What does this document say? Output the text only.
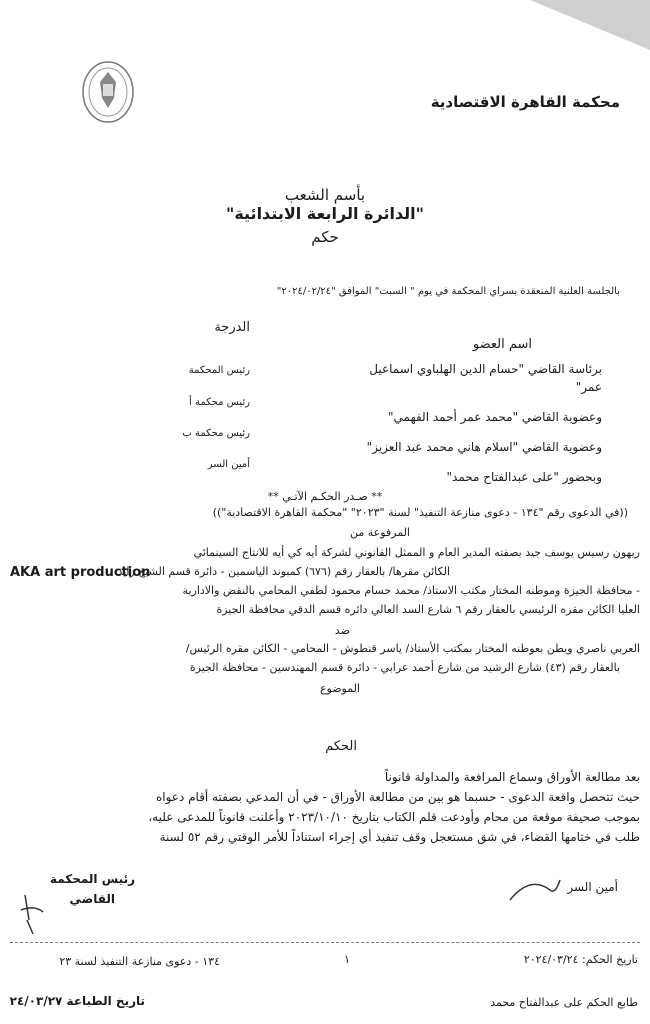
محكمة القاهرة الاقتصادية
بأسم الشعب
"الدائرة الرابعة الابتدائية"
حكم
بالجلسة العلنية المنعقدة بسراي المحكمة في يوم " السبت" الموافق "٢٠٢٤/٠٢/٢٤"
الدرجة
اسم العضو
برئاسة القاضي "حسام الدين الهلباوي اسماعيل
عمر"
رئيس المحكمة
وعضوية القاضي "محمد عمر أحمد الفهمي"
رئيس محكمة أ
وعضوية القاضي "اسلام هاني محمد عبد العزيز"
رئيس محكمة ب
وبحضور "على عبدالفتاح محمد"
أمين السر
** صـدر الحكـم الآتـي **
((في الدعوى رقم "١٣٤ - دعوى منازعة التنفيذ" لسنة "٢٠٢٣" "محكمة القاهرة الاقتصادية"))
المرفوعة من
ريهون رسيس يوسف جيد بصفته المدير العام و الممثل القانوني لشركة أيه كي أيه للانتاج السينمائي
الكائن مقرها/ بالعقار رقم (٦٧٦) كمبوند الياسمين - دائرة قسم الشيخ زايد
AKA art production
- محافظة الجيزة وموطنه المختار مكتب الاستاذ/ محمد حسام محمود لطفي المحامي بالنقض والادارية
العليا الكائن مقره الرئيسي بالعقار رقم ٦ شارع السد العالي دائره قسم الدقي محافظة الجيزة
ضد
العربي ناصري ويطن بعوطنه المختار بمكتب الأستاذ/ ياسر قنطوش - المحامي - الكائن مقره الرئيس/
بالعقار رقم (٤٣) شارع الرشيد من شارع أحمد عرابي - دائرة قسم المهندسين - محافظة الجيزة
الموضوع
الحكم
بعد مطالعة الأوراق وسماع المرافعة والمداولة قانوناً
حيث تتحصل واقعة الدعوى - حسبما هو بين من مطالعة الأوراق - في أن المدعي بصفته أقام دعواه
بموجب صحيفة موقعة من محام وأودعت قلم الكتاب بتاريخ ٢٠٢٣/١٠/١٠ وأعلنت قانوناً للمدعى عليه،
طلب في ختامها القضاء، في شق مستعجل وقف تنفيذ أي إجراء استناداً للأمر الوقتي رقم ٥٢ لسنة
رئيس المحكمة
القاضي
أمين السر
تاريخ الحكم: ٢٠٢٤/٠٣/٢٤
١
١٣٤ - دعوى منازعة التنفيذ لسنة ٢٣
طابع الحكم على عبدالفتاح محمد
تاريخ الطباعة ٢٤/٠٣/٢٧
